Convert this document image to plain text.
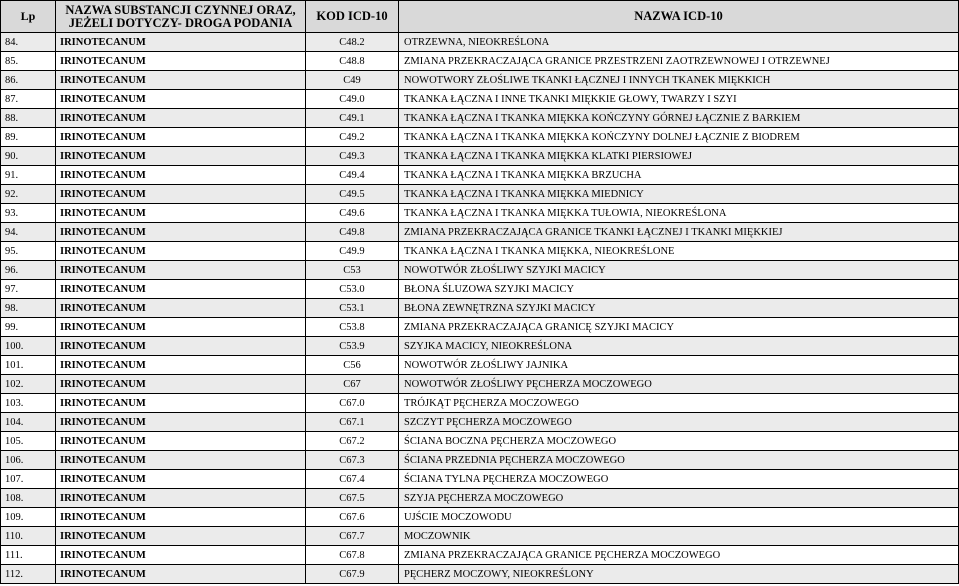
Lp	NAZWA SUBSTANCJI CZYNNEJ ORAZ, JEŻELI DOTYCZY- DROGA PODANIA	KOD ICD-10	NAZWA ICD-10
84.	IRINOTECANUM	C48.2	OTRZEWNA, NIEOKREŚLONA
85.	IRINOTECANUM	C48.8	ZMIANA PRZEKRACZAJĄCA GRANICE PRZESTRZENI ZAOTRZEWNOWEJ I OTRZEWNEJ
86.	IRINOTECANUM	C49	NOWOTWORY ZŁOŚLIWE TKANKI ŁĄCZNEJ I INNYCH TKANEK MIĘKKICH
87.	IRINOTECANUM	C49.0	TKANKA ŁĄCZNA I INNE TKANKI MIĘKKIE GŁOWY, TWARZY I SZYI
88.	IRINOTECANUM	C49.1	TKANKA ŁĄCZNA I TKANKA MIĘKKA KOŃCZYNY GÓRNEJ ŁĄCZNIE Z BARKIEM
89.	IRINOTECANUM	C49.2	TKANKA ŁĄCZNA I TKANKA MIĘKKA KOŃCZYNY DOLNEJ ŁĄCZNIE Z BIODREM
90.	IRINOTECANUM	C49.3	TKANKA ŁĄCZNA I TKANKA MIĘKKA KLATKI PIERSIOWEJ
91.	IRINOTECANUM	C49.4	TKANKA ŁĄCZNA I TKANKA MIĘKKA BRZUCHA
92.	IRINOTECANUM	C49.5	TKANKA ŁĄCZNA I TKANKA MIĘKKA MIEDNICY
93.	IRINOTECANUM	C49.6	TKANKA ŁĄCZNA I TKANKA MIĘKKA TUŁOWIA, NIEOKREŚLONA
94.	IRINOTECANUM	C49.8	ZMIANA PRZEKRACZAJĄCA GRANICE TKANKI ŁĄCZNEJ I TKANKI MIĘKKIEJ
95.	IRINOTECANUM	C49.9	TKANKA ŁĄCZNA I TKANKA MIĘKKA, NIEOKREŚLONE
96.	IRINOTECANUM	C53	NOWOTWÓR ZŁOŚLIWY SZYJKI MACICY
97.	IRINOTECANUM	C53.0	BŁONA ŚLUZOWA SZYJKI MACICY
98.	IRINOTECANUM	C53.1	BŁONA ZEWNĘTRZNA SZYJKI MACICY
99.	IRINOTECANUM	C53.8	ZMIANA PRZEKRACZAJĄCA GRANICĘ SZYJKI MACICY
100.	IRINOTECANUM	C53.9	SZYJKA MACICY, NIEOKREŚLONA
101.	IRINOTECANUM	C56	NOWOTWÓR ZŁOŚLIWY JAJNIKA
102.	IRINOTECANUM	C67	NOWOTWÓR ZŁOŚLIWY PĘCHERZA MOCZOWEGO
103.	IRINOTECANUM	C67.0	TRÓJKĄT PĘCHERZA MOCZOWEGO
104.	IRINOTECANUM	C67.1	SZCZYT PĘCHERZA MOCZOWEGO
105.	IRINOTECANUM	C67.2	ŚCIANA BOCZNA PĘCHERZA MOCZOWEGO
106.	IRINOTECANUM	C67.3	ŚCIANA PRZEDNIA PĘCHERZA MOCZOWEGO
107.	IRINOTECANUM	C67.4	ŚCIANA TYLNA PĘCHERZA MOCZOWEGO
108.	IRINOTECANUM	C67.5	SZYJA PĘCHERZA MOCZOWEGO
109.	IRINOTECANUM	C67.6	UJŚCIE MOCZOWODU
110.	IRINOTECANUM	C67.7	MOCZOWNIK
111.	IRINOTECANUM	C67.8	ZMIANA PRZEKRACZAJĄCA GRANICE PĘCHERZA MOCZOWEGO
112.	IRINOTECANUM	C67.9	PĘCHERZ MOCZOWY, NIEOKREŚLONY
